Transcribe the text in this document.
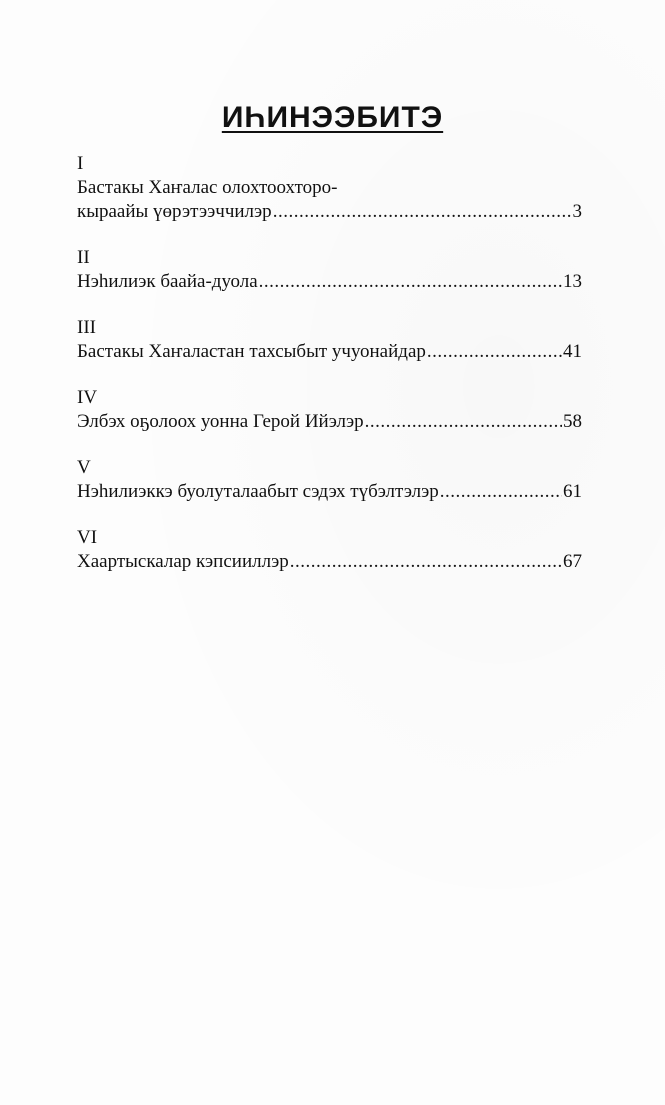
ИҺИНЭЭБИТЭ
I
Бастакы Хаҥалас олохтоохторо-
кыраайы үөрэтээччилэр .....	3
II
Нэһилиэк баайа-дуола .....	13
III
Бастакы Хаҥаластан тахсыбыт учуонайдар .....	41
IV
Элбэх оҕолоох уонна Герой Ийэлэр .....	58
V
Нэһилиэккэ буолуталаабыт сэдэх түбэлтэлэр .....	61
VI
Хаартыскалар кэпсииллэр .....	67
